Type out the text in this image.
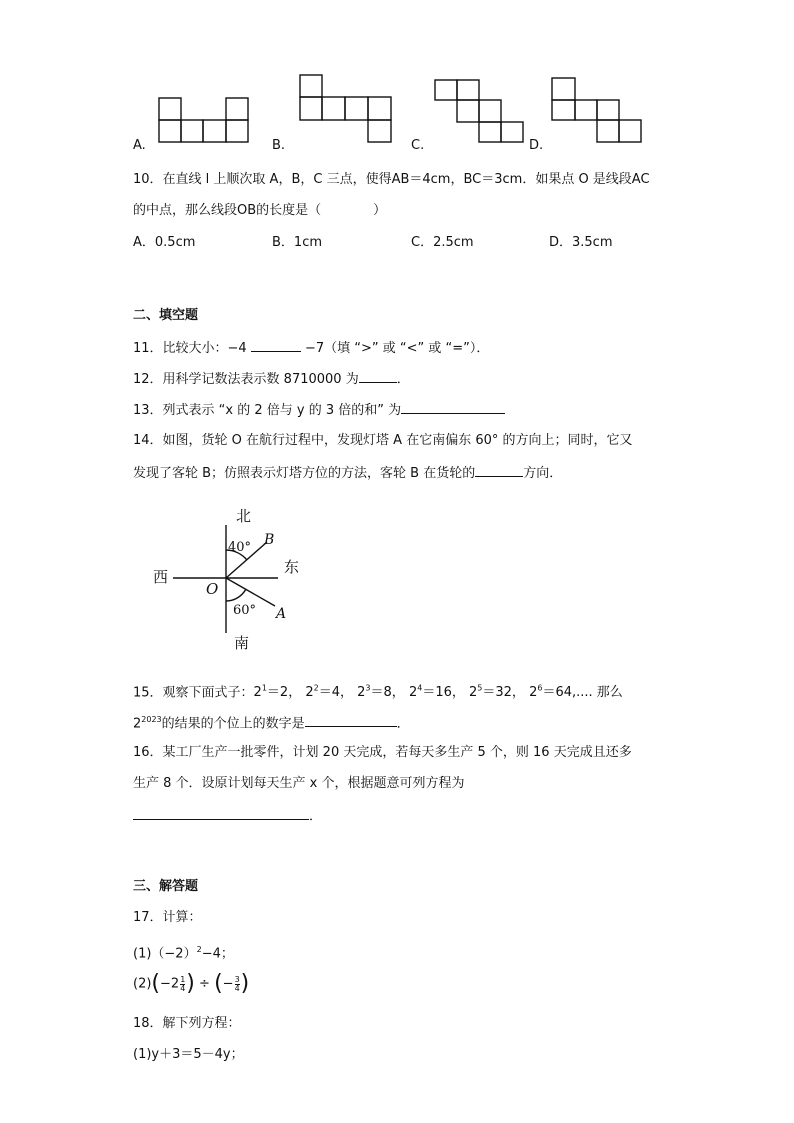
A.	B.	C.	D.
10．在直线 l 上顺次取 A，B，C 三点，使得AB＝4cm，BC＝3cm．如果点 O 是线段AC
的中点，那么线段OB的长度是（　　　　）
A．0.5cm	B．1cm	C．2.5cm	D．3.5cm
二、填空题
11．比较大小：−4	−7（填 “>” 或 “<” 或 “=”）．
12．用科学记数法表示数 8710000 为	．
13．列式表示 “x 的 2 倍与 y 的 3 倍的和” 为
14．如图，货轮 O 在航行过程中，发现灯塔 A 在它南偏东 60° 的方向上；同时，它又
发现了客轮 B；仿照表示灯塔方位的方法，客轮 B 在货轮的	方向．
北
南
东
西
O
B
A
40°
60°
15．观察下面式子：$2^1=2$， $2^2=4$， $2^3=8$， $2^4=16$， $2^5=32$， $2^6=64$,.... 那么
$2^{2023}$的结果的个位上的数字是	．
16．某工厂生产一批零件，计划 20 天完成，若每天多生产 5 个，则 16 天完成且还多
生产 8 个．设原计划每天生产 x 个，根据题意可列方程为
．
三、解答题
17．计算：
$(1)(-2)^2-4$；
$(2)(-2 \frac{1}{4}$ ) ÷ (− $\frac{3}{4}$ )
18．解下列方程：
(1)y＋3＝5－4y；
